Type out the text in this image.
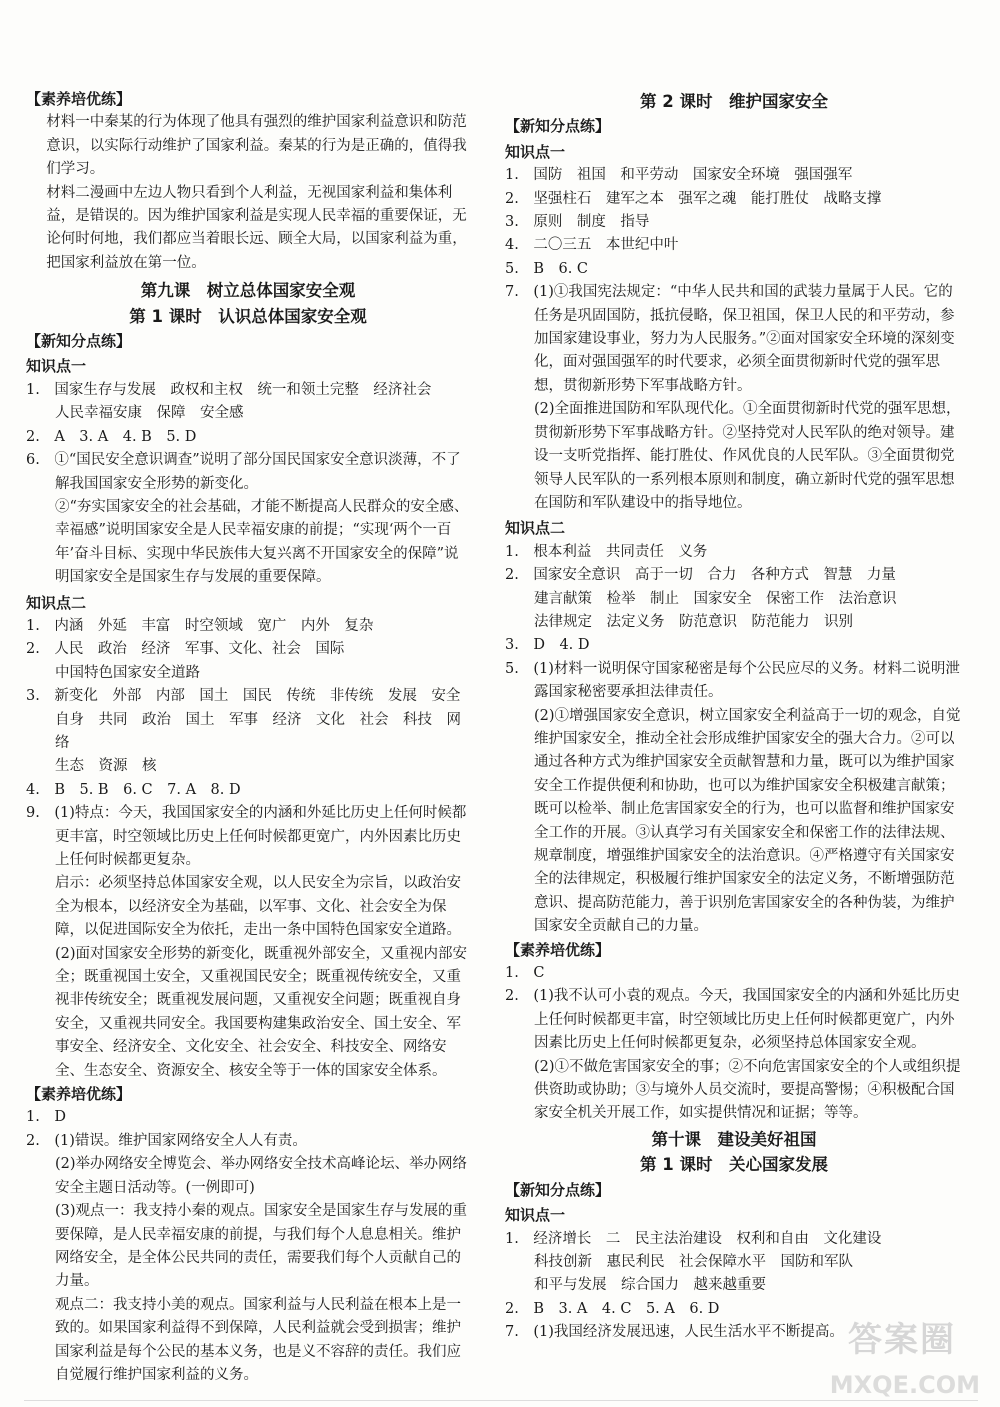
【素养培优练】

材料一中秦某的行为体现了他具有强烈的维护国家利益意识和防范意识，以实际行动维护了国家利益。秦某的行为是正确的，值得我们学习。

材料二漫画中左边人物只看到个人利益，无视国家利益和集体利益，是错误的。因为维护国家利益是实现人民幸福的重要保证，无论何时何地，我们都应当着眼长远、顾全大局，以国家利益为重，把国家利益放在第一位。

第九课　树立总体国家安全观
第 1 课时　认识总体国家安全观
【新知分点练】
知识点一

1.　国家生存与发展　政权和主权　统一和领土完整　经济社会

人民幸福安康　保障　安全感

2.　A　3. A　4. B　5. D

6.　①“国民安全意识调查”说明了部分国民国家安全意识淡薄，不了解我国国家安全形势的新变化。

②“夯实国家安全的社会基础，才能不断提高人民群众的安全感、幸福感”说明国家安全是人民幸福安康的前提；“实现‘两个一百年’奋斗目标、实现中华民族伟大复兴离不开国家安全的保障”说明国家安全是国家生存与发展的重要保障。

知识点二

1.　内涵　外延　丰富　时空领域　宽广　内外　复杂

2.　人民　政治　经济　军事、文化、社会　国际

中国特色国家安全道路

3.　新变化　外部　内部　国土　国民　传统　非传统　发展　安全

自身　共同　政治　国土　军事　经济　文化　社会　科技　网络

生态　资源　核

4.　B　5. B　6. C　7. A　8. D

9.　(1)特点：今天，我国国家安全的内涵和外延比历史上任何时候都更丰富，时空领域比历史上任何时候都更宽广，内外因素比历史上任何时候都更复杂。

启示：必须坚持总体国家安全观，以人民安全为宗旨，以政治安全为根本，以经济安全为基础，以军事、文化、社会安全为保障，以促进国际安全为依托，走出一条中国特色国家安全道路。

(2)面对国家安全形势的新变化，既重视外部安全，又重视内部安全；既重视国土安全，又重视国民安全；既重视传统安全，又重视非传统安全；既重视发展问题，又重视安全问题；既重视自身安全，又重视共同安全。我国要构建集政治安全、国土安全、军事安全、经济安全、文化安全、社会安全、科技安全、网络安全、生态安全、资源安全、核安全等于一体的国家安全体系。

【素养培优练】

1.　D

2.　(1)错误。维护国家网络安全人人有责。

(2)举办网络安全博览会、举办网络安全技术高峰论坛、举办网络安全主题日活动等。(一例即可)

(3)观点一：我支持小秦的观点。国家安全是国家生存与发展的重要保障，是人民幸福安康的前提，与我们每个人息息相关。维护网络安全，是全体公民共同的责任，需要我们每个人贡献自己的力量。

观点二：我支持小美的观点。国家利益与人民利益在根本上是一致的。如果国家利益得不到保障，人民利益就会受到损害；维护国家利益是每个公民的基本义务，也是义不容辞的责任。我们应自觉履行维护国家利益的义务。

第 2 课时　维护国家安全
【新知分点练】
知识点一

1.　国防　祖国　和平劳动　国家安全环境　强国强军

2.　坚强柱石　建军之本　强军之魂　能打胜仗　战略支撑

3.　原则　制度　指导

4.　二〇三五　本世纪中叶

5.　B　6. C

7.　(1)①我国宪法规定：“中华人民共和国的武装力量属于人民。它的任务是巩固国防，抵抗侵略，保卫祖国，保卫人民的和平劳动，参加国家建设事业，努力为人民服务。”②面对国家安全环境的深刻变化，面对强国强军的时代要求，必须全面贯彻新时代党的强军思想，贯彻新形势下军事战略方针。

(2)全面推进国防和军队现代化。①全面贯彻新时代党的强军思想，贯彻新形势下军事战略方针。②坚持党对人民军队的绝对领导。建设一支听党指挥、能打胜仗、作风优良的人民军队。③全面贯彻党领导人民军队的一系列根本原则和制度，确立新时代党的强军思想在国防和军队建设中的指导地位。

知识点二

1.　根本利益　共同责任　义务

2.　国家安全意识　高于一切　合力　各种方式　智慧　力量

建言献策　检举　制止　国家安全　保密工作　法治意识

法律规定　法定义务　防范意识　防范能力　识别

3.　D　4. D

5.　(1)材料一说明保守国家秘密是每个公民应尽的义务。材料二说明泄露国家秘密要承担法律责任。

(2)①增强国家安全意识，树立国家安全利益高于一切的观念，自觉维护国家安全，推动全社会形成维护国家安全的强大合力。②可以通过各种方式为维护国家安全贡献智慧和力量，既可以为维护国家安全工作提供便利和协助，也可以为维护国家安全积极建言献策；既可以检举、制止危害国家安全的行为，也可以监督和维护国家安全工作的开展。③认真学习有关国家安全和保密工作的法律法规、规章制度，增强维护国家安全的法治意识。④严格遵守有关国家安全的法律规定，积极履行维护国家安全的法定义务，不断增强防范意识、提高防范能力，善于识别危害国家安全的各种伪装，为维护国家安全贡献自己的力量。

【素养培优练】

1.　C

2.　(1)我不认可小袁的观点。今天，我国国家安全的内涵和外延比历史上任何时候都更丰富，时空领域比历史上任何时候都更宽广，内外因素比历史上任何时候都更复杂，必须坚持总体国家安全观。

(2)①不做危害国家安全的事；②不向危害国家安全的个人或组织提供资助或协助；③与境外人员交流时，要提高警惕；④积极配合国家安全机关开展工作，如实提供情况和证据；等等。

第十课　建设美好祖国
第 1 课时　关心国家发展
【新知分点练】
知识点一

1.　经济增长　二　民主法治建设　权利和自由　文化建设

科技创新　惠民利民　社会保障水平　国防和军队

和平与发展　综合国力　越来越重要

2.　B　3. A　4. C　5. A　6. D

7.　(1)我国经济发展迅速，人民生活水平不断提高。 答案圈
MXQE.COM
